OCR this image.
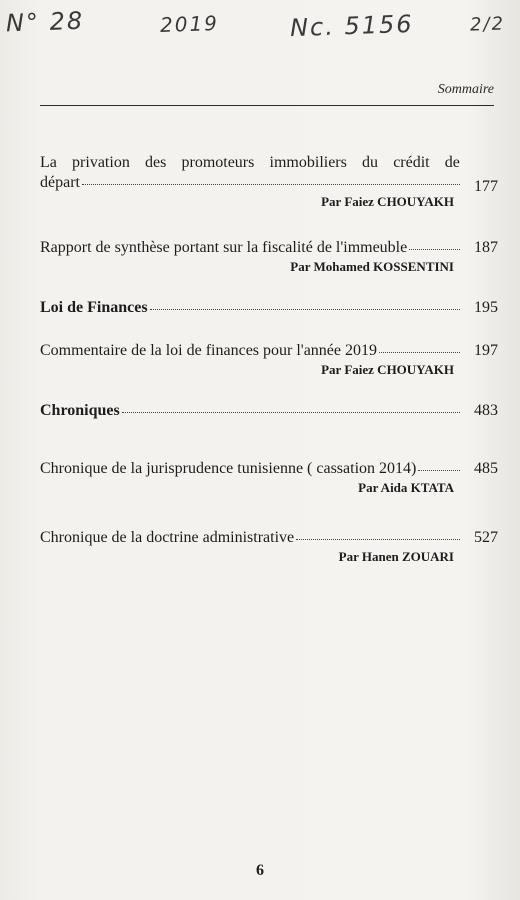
N° 28	2019	Nc. 5156	2/2
Sommaire
La privation des promoteurs immobiliers du crédit de
départ	177
Par Faiez CHOUYAKH
Rapport de synthèse portant sur la fiscalité de l'immeuble	187
Par Mohamed KOSSENTINI
Loi de Finances	195
Commentaire de la loi de finances pour l'année 2019	197
Par Faiez CHOUYAKH
Chroniques	483
Chronique de la jurisprudence tunisienne ( cassation 2014)	485
Par Aida KTATA
Chronique de la doctrine administrative	527
Par Hanen ZOUARI
6
